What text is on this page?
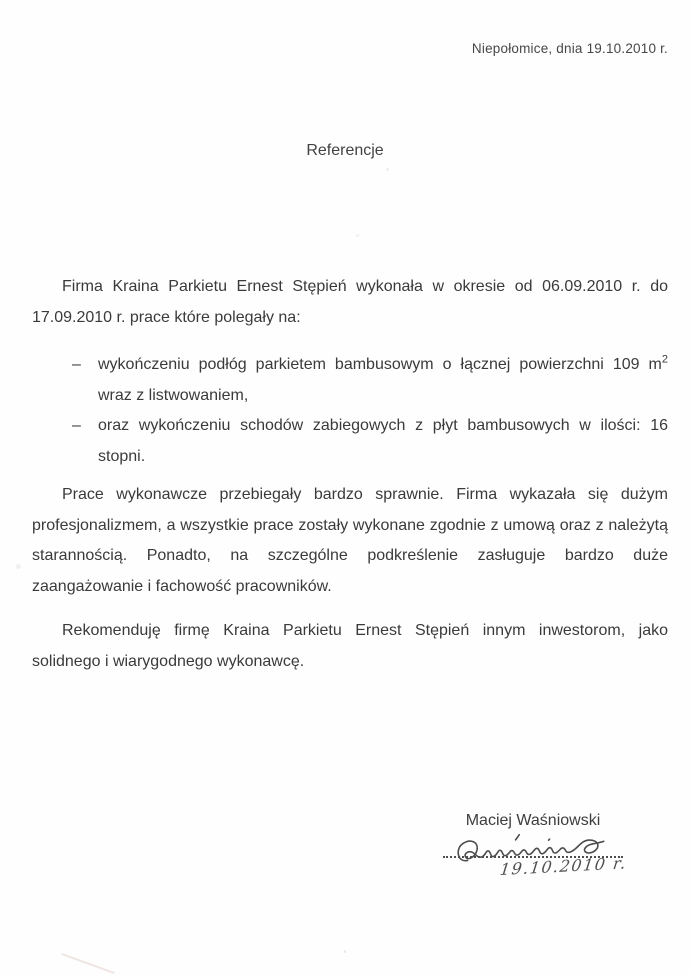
Niepołomice, dnia 19.10.2010 r.
Referencje

Firma Kraina Parkietu Ernest Stępień wykonała w okresie od 06.09.2010 r. do 17.09.2010 r. prace które polegały na:

–	wykończeniu podłóg parkietem bambusowym o łącznej powierzchni 109 $m^2$ wraz z listwowaniem,
–	oraz wykończeniu schodów zabiegowych z płyt bambusowych w ilości: 16 stopni.

Prace wykonawcze przebiegały bardzo sprawnie. Firma wykazała się dużym profesjonalizmem, a wszystkie prace zostały wykonane zgodnie z umową oraz z należytą starannością. Ponadto, na szczególne podkreślenie zasługuje bardzo duże zaangażowanie i fachowość pracowników.

Rekomenduję firmę Kraina Parkietu Ernest Stępień innym inwestorom, jako solidnego i wiarygodnego wykonawcę.

Maciej Waśniowski
19.10.2010 r.
